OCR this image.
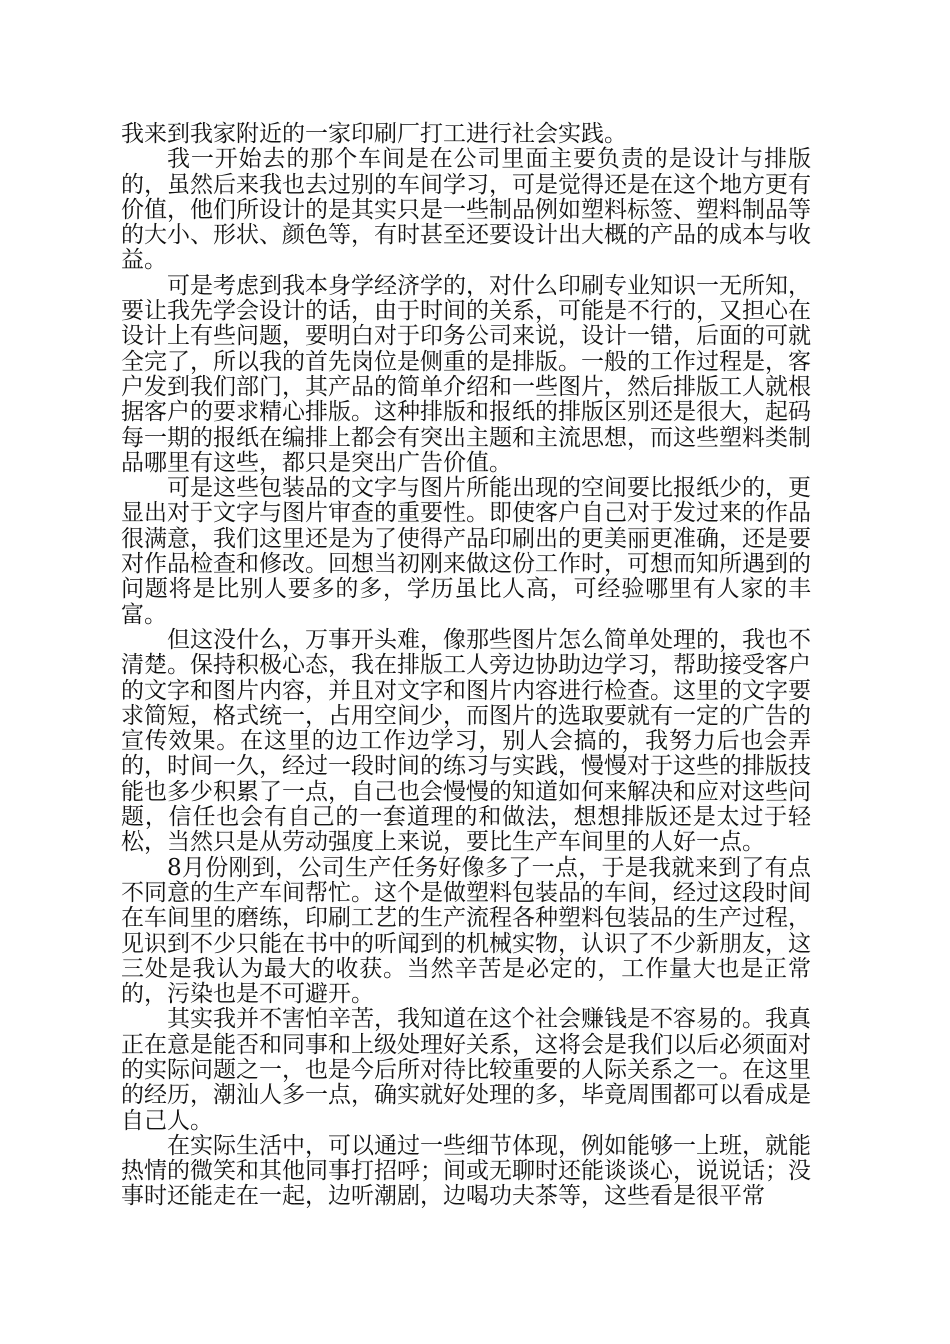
我来到我家附近的一家印刷厂打工进行社会实践。

我一开始去的那个车间是在公司里面主要负责的是设计与排版的，虽然后来我也去过别的车间学习，可是觉得还是在这个地方更有价值，他们所设计的是其实只是一些制品例如塑料标签、塑料制品等的大小、形状、颜色等，有时甚至还要设计出大概的产品的成本与收益。

可是考虑到我本身学经济学的，对什么印刷专业知识一无所知，要让我先学会设计的话，由于时间的关系，可能是不行的，又担心在设计上有些问题，要明白对于印务公司来说，设计一错，后面的可就全完了，所以我的首先岗位是侧重的是排版。一般的工作过程是，客户发到我们部门，其产品的简单介绍和一些图片，然后排版工人就根据客户的要求精心排版。这种排版和报纸的排版区别还是很大，起码每一期的报纸在编排上都会有突出主题和主流思想，而这些塑料类制品哪里有这些，都只是突出广告价值。

可是这些包装品的文字与图片所能出现的空间要比报纸少的，更显出对于文字与图片审查的重要性。即使客户自己对于发过来的作品很满意，我们这里还是为了使得产品印刷出的更美丽更准确，还是要对作品检查和修改。回想当初刚来做这份工作时，可想而知所遇到的问题将是比别人要多的多，学历虽比人高，可经验哪里有人家的丰富。

但这没什么，万事开头难，像那些图片怎么简单处理的，我也不清楚。保持积极心态，我在排版工人旁边协助边学习，帮助接受客户的文字和图片内容，并且对文字和图片内容进行检查。这里的文字要求简短，格式统一，占用空间少，而图片的选取要就有一定的广告的宣传效果。在这里的边工作边学习，别人会搞的，我努力后也会弄的，时间一久，经过一段时间的练习与实践，慢慢对于这些的排版技能也多少积累了一点，自己也会慢慢的知道如何来解决和应对这些问题，信任也会有自己的一套道理的和做法，想想排版还是太过于轻松，当然只是从劳动强度上来说，要比生产车间里的人好一点。

8月份刚到，公司生产任务好像多了一点，于是我就来到了有点不同意的生产车间帮忙。这个是做塑料包装品的车间，经过这段时间在车间里的磨练，印刷工艺的生产流程各种塑料包装品的生产过程，见识到不少只能在书中的听闻到的机械实物，认识了不少新朋友，这三处是我认为最大的收获。当然辛苦是必定的，工作量大也是正常的，污染也是不可避开。

其实我并不害怕辛苦，我知道在这个社会赚钱是不容易的。我真正在意是能否和同事和上级处理好关系，这将会是我们以后必须面对的实际问题之一，也是今后所对待比较重要的人际关系之一。在这里的经历，潮汕人多一点，确实就好处理的多，毕竟周围都可以看成是自己人。

在实际生活中，可以通过一些细节体现，例如能够一上班，就能热情的微笑和其他同事打招呼；间或无聊时还能谈谈心，说说话；没事时还能走在一起，边听潮剧，边喝功夫茶等，这些看是很平常
